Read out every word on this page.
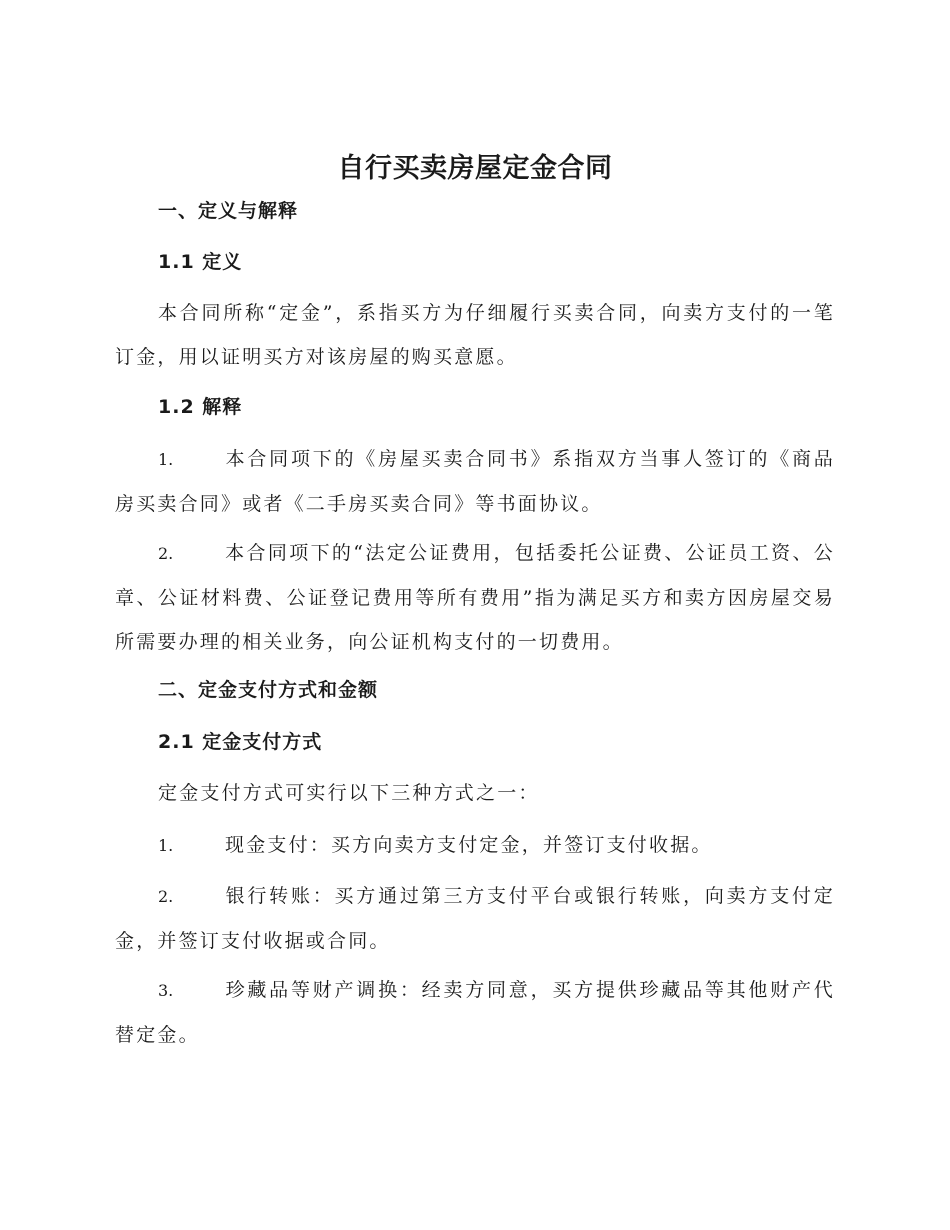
自行买卖房屋定金合同
一、定义与解释
1.1 定义

本合同所称“定金”，系指买方为仔细履行买卖合同，向卖方支付的一笔订金，用以证明买方对该房屋的购买意愿。

1.2 解释

1.	本合同项下的《房屋买卖合同书》系指双方当事人签订的《商品房买卖合同》或者《二手房买卖合同》等书面协议。

2.	本合同项下的“法定公证费用，包括委托公证费、公证员工资、公章、公证材料费、公证登记费用等所有费用”指为满足买方和卖方因房屋交易所需要办理的相关业务，向公证机构支付的一切费用。

二、定金支付方式和金额
2.1 定金支付方式

定金支付方式可实行以下三种方式之一：

1.	现金支付：买方向卖方支付定金，并签订支付收据。

2.	银行转账：买方通过第三方支付平台或银行转账，向卖方支付定金，并签订支付收据或合同。

3.	珍藏品等财产调换：经卖方同意，买方提供珍藏品等其他财产代替定金。
